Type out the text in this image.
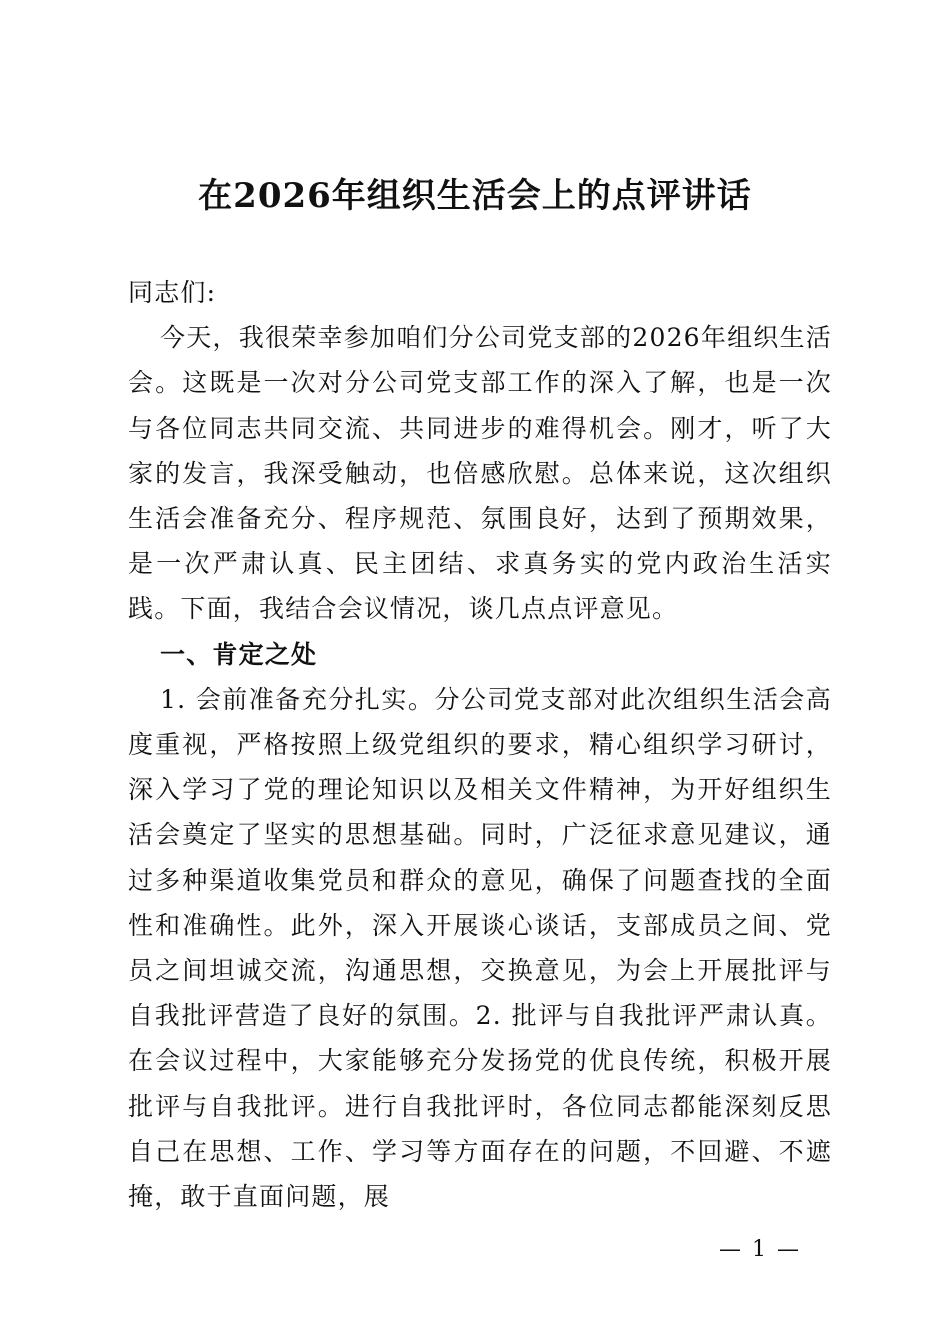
在2026年组织生活会上的点评讲话

同志们:

今天，我很荣幸参加咱们分公司党支部的2026年组织生活会。这既是一次对分公司党支部工作的深入了解，也是一次与各位同志共同交流、共同进步的难得机会。刚才，听了大家的发言，我深受触动，也倍感欣慰。总体来说，这次组织生活会准备充分、程序规范、氛围良好，达到了预期效果，是一次严肃认真、民主团结、求真务实的党内政治生活实践。下面，我结合会议情况，谈几点点评意见。

一、肯定之处

1. 会前准备充分扎实。分公司党支部对此次组织生活会高度重视，严格按照上级党组织的要求，精心组织学习研讨，深入学习了党的理论知识以及相关文件精神，为开好组织生活会奠定了坚实的思想基础。同时，广泛征求意见建议，通过多种渠道收集党员和群众的意见，确保了问题查找的全面性和准确性。此外，深入开展谈心谈话，支部成员之间、党员之间坦诚交流，沟通思想，交换意见，为会上开展批评与自我批评营造了良好的氛围。2. 批评与自我批评严肃认真。在会议过程中，大家能够充分发扬党的优良传统，积极开展批评与自我批评。进行自我批评时，各位同志都能深刻反思自己在思想、工作、学习等方面存在的问题，不回避、不遮掩，敢于直面问题，展

— 1 —
